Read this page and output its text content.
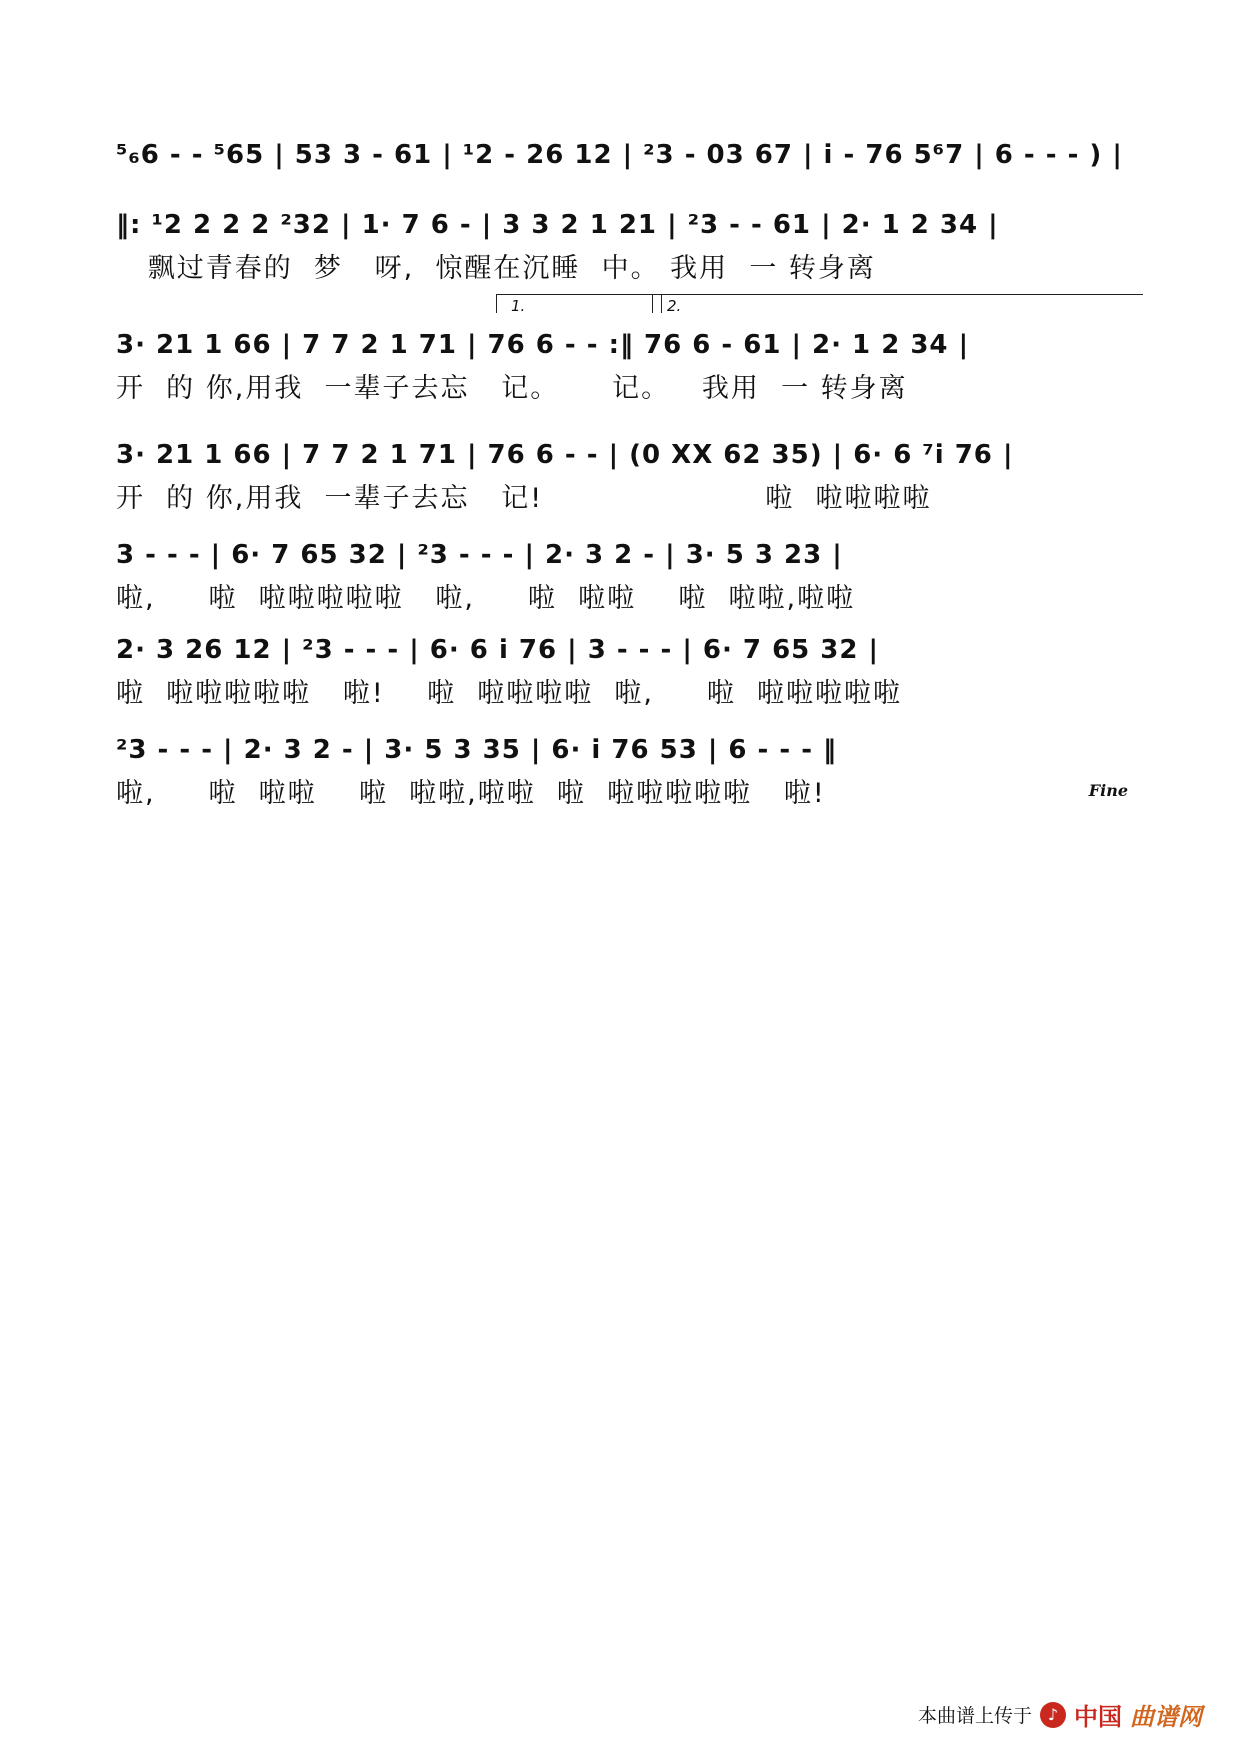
⁵₆6 - - ⁵65 | 53 3 - 61 | ¹2 - 26 12 | ²3 - 03 67 | i̇ - 76 5⁶7 | 6 - - - ) |
‖: ¹2 2 2 2 ²32 | 1· 7 6 - | 3 3 2 1 21 | ²3 - - 61 | 2· 1 2 34 |
飘过青春的  梦   呀,  惊醒在沉睡  中。 我用  一 转身离
1.	2.
3· 21 1 66 | 7 7 2 1 71 | 76 6 - - :‖ 76 6 - 61 | 2· 1 2 34 |
开  的 你,用我  一辈子去忘   记。     记。   我用  一 转身离
3· 21 1 66 | 7 7 2 1 71 | 76 6 - - | (0 XX 62 35) | 6· 6 ⁷i̇ 76 |
开  的 你,用我  一辈子去忘   记!                     啦  啦啦啦啦
3 - - - | 6· 7 65 32 | ²3 - - - | 2· 3 2 - | 3· 5 3 23 |
啦,     啦  啦啦啦啦啦   啦,     啦  啦啦    啦  啦啦,啦啦
2· 3 26 12 | ²3 - - - | 6· 6 i̇ 76 | 3 - - - | 6· 7 65 32 |
啦  啦啦啦啦啦   啦!    啦  啦啦啦啦  啦,     啦  啦啦啦啦啦
²3 - - - | 2· 3 2 - | 3· 5 3 35 | 6· i̇ 76 53 | 6 - - - ‖
啦,     啦  啦啦    啦  啦啦,啦啦  啦  啦啦啦啦啦   啦!	Fine
本曲谱上传于 ♪ 中国 曲谱网
